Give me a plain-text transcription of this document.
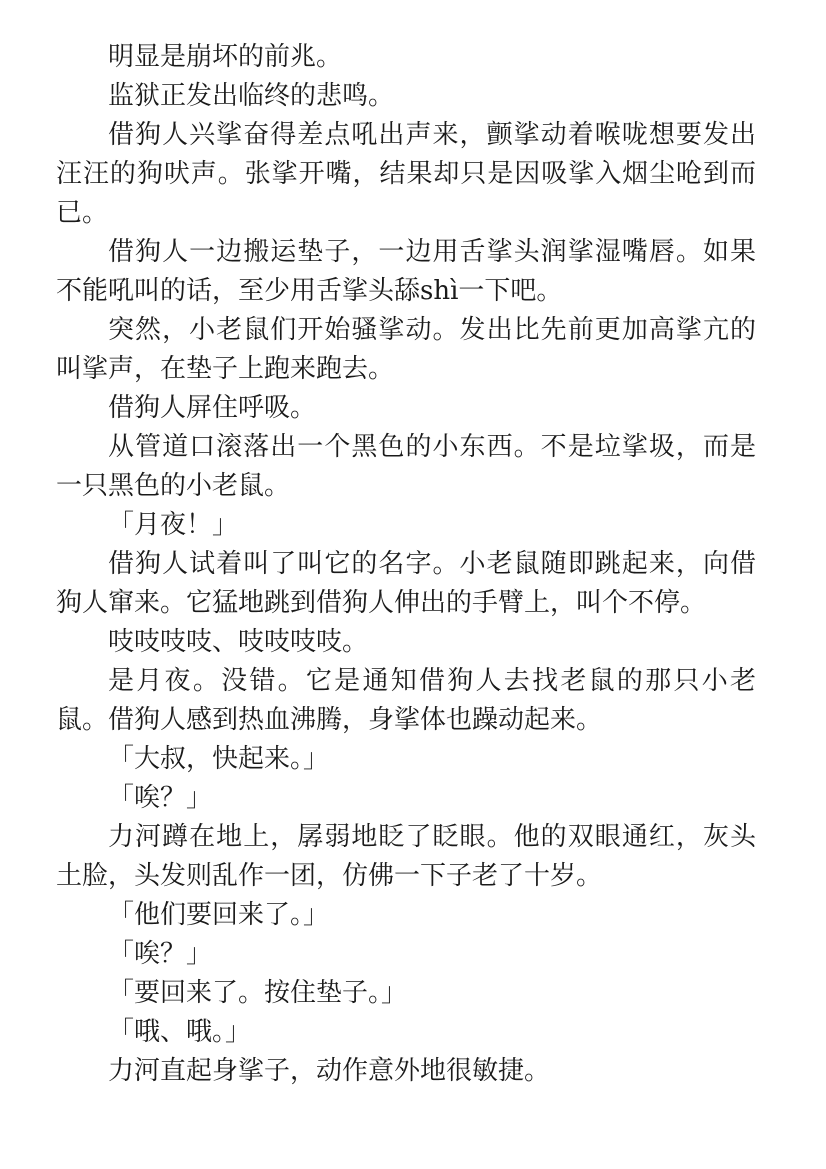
明显是崩坏的前兆。

监狱正发出临终的悲鸣。

借狗人兴挲奋得差点吼出声来，颤挲动着喉咙想要发出汪汪的狗吠声。张挲开嘴，结果却只是因吸挲入烟尘呛到而已。

借狗人一边搬运垫子，一边用舌挲头润挲湿嘴唇。如果不能吼叫的话，至少用舌挲头舔shì一下吧。

突然，小老鼠们开始骚挲动。发出比先前更加高挲亢的叫挲声，在垫子上跑来跑去。

借狗人屏住呼吸。

从管道口滚落出一个黑色的小东西。不是垃挲圾，而是一只黑色的小老鼠。

「月夜！」

借狗人试着叫了叫它的名字。小老鼠随即跳起来，向借狗人窜来。它猛地跳到借狗人伸出的手臂上，叫个不停。

吱吱吱吱、吱吱吱吱。

是月夜。没错。它是通知借狗人去找老鼠的那只小老鼠。借狗人感到热血沸腾，身挲体也躁动起来。

「大叔，快起来。」

「唉？」

力河蹲在地上，孱弱地眨了眨眼。他的双眼通红，灰头土脸，头发则乱作一团，仿佛一下子老了十岁。

「他们要回来了。」

「唉？」

「要回来了。按住垫子。」

「哦、哦。」

力河直起身挲子，动作意外地很敏捷。
